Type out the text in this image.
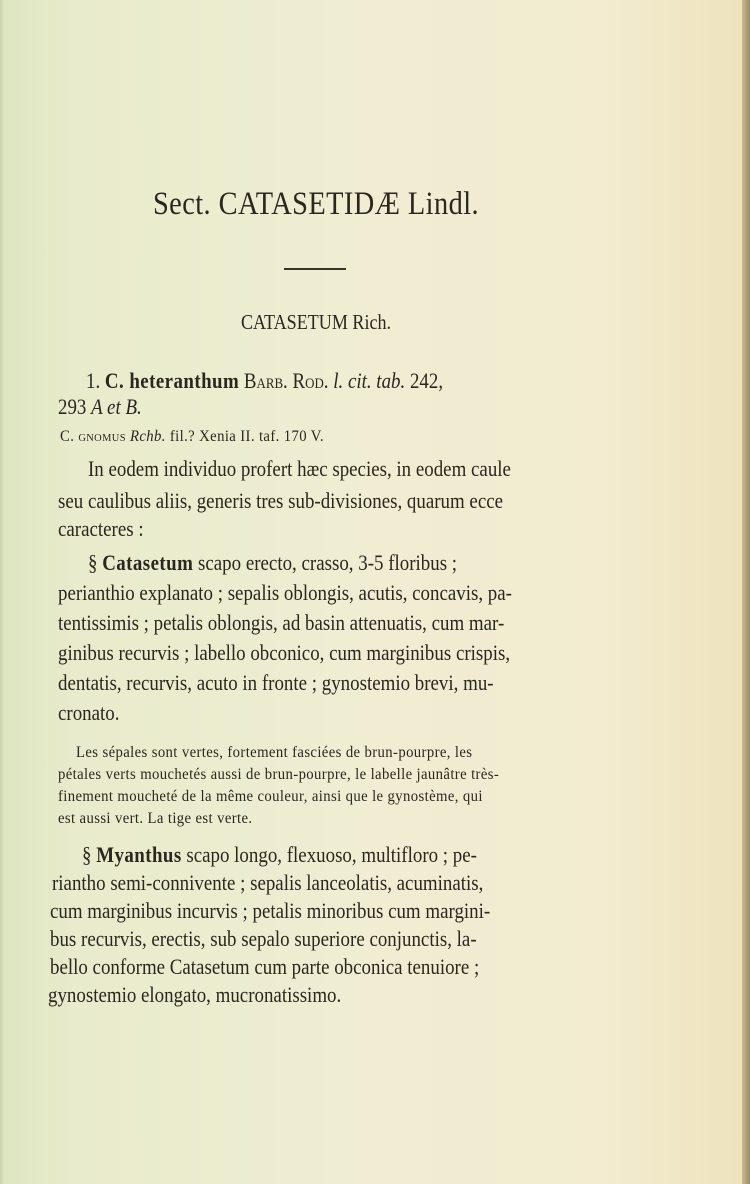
Sect. CATASETIDÆ Lindl.
CATASETUM Rich.
1. C. heteranthum Barb. Rod. l. cit. tab. 242,
293 A et B.
C. gnomus Rchb. fil.? Xenia II. taf. 170 V.
In eodem individuo profert hæc species, in eodem caule
seu caulibus aliis, generis tres sub-divisiones, quarum ecce
caracteres :
§ Catasetum scapo erecto, crasso, 3-5 floribus ;
perianthio explanato ; sepalis oblongis, acutis, concavis, pa-
tentissimis ; petalis oblongis, ad basin attenuatis, cum mar-
ginibus recurvis ; labello obconico, cum marginibus crispis,
dentatis, recurvis, acuto in fronte ; gynostemio brevi, mu-
cronato.
Les sépales sont vertes, fortement fasciées de brun-pourpre, les
pétales verts mouchetés aussi de brun-pourpre, le labelle jaunâtre très-
finement moucheté de la même couleur, ainsi que le gynostème, qui
est aussi vert. La tige est verte.
§ Myanthus scapo longo, flexuoso, multifloro ; pe-
riantho semi-connivente ; sepalis lanceolatis, acuminatis,
cum marginibus incurvis ; petalis minoribus cum margini-
bus recurvis, erectis, sub sepalo superiore conjunctis, la-
bello conforme Catasetum cum parte obconica tenuiore ;
gynostemio elongato, mucronatissimo.
